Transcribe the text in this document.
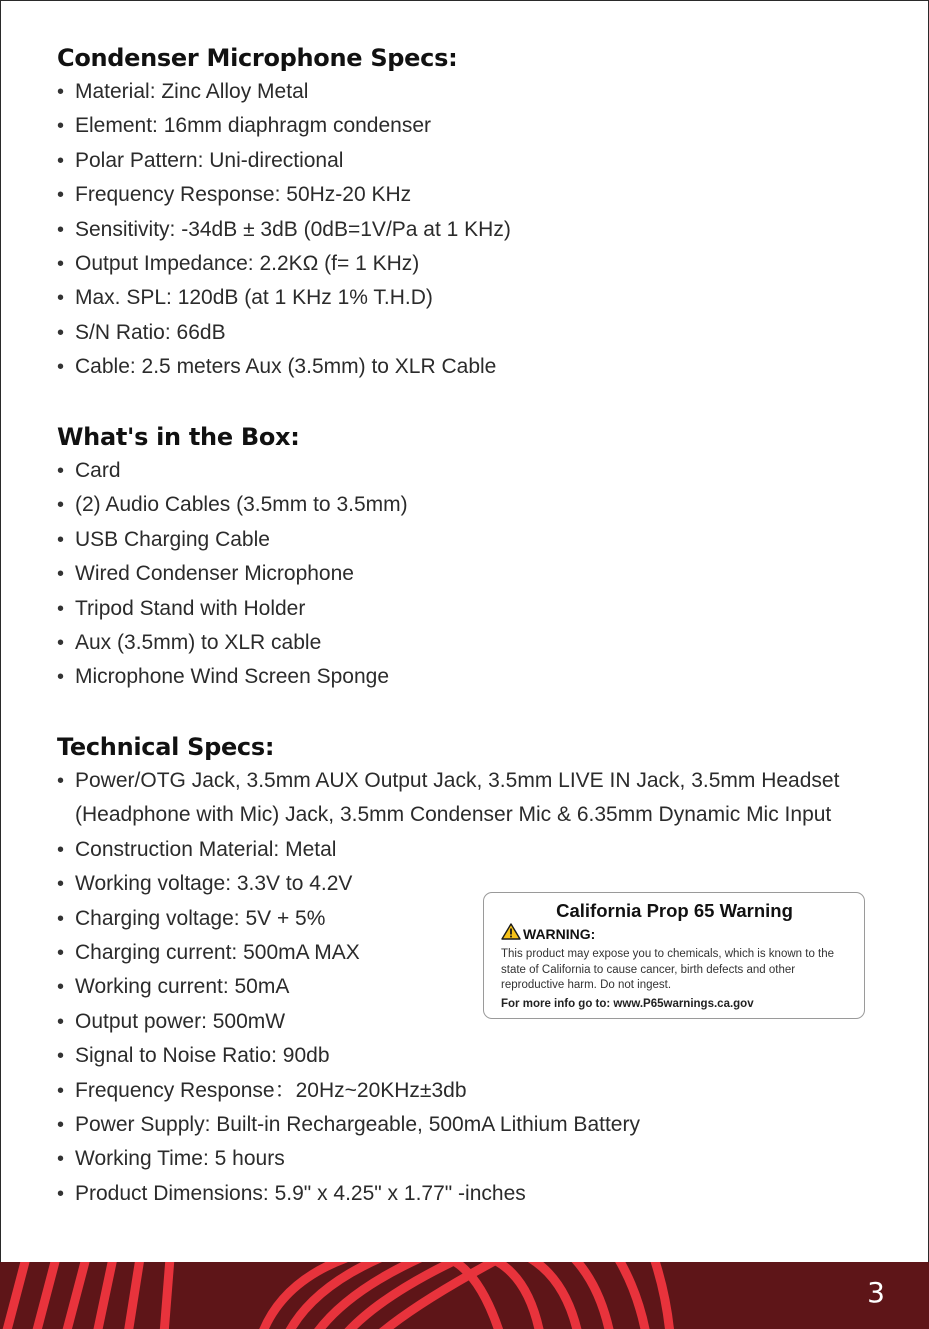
Condenser Microphone Specs:
• Material: Zinc Alloy Metal
• Element: 16mm diaphragm condenser
• Polar Pattern: Uni-directional
• Frequency Response: 50Hz-20 KHz
• Sensitivity: -34dB ± 3dB (0dB=1V/Pa at 1 KHz)
• Output Impedance: 2.2KΩ (f= 1 KHz)
• Max. SPL: 120dB (at 1 KHz 1% T.H.D)
• S/N Ratio: 66dB
• Cable: 2.5 meters Aux (3.5mm) to XLR Cable
What's in the Box:
• Card
• (2) Audio Cables (3.5mm to 3.5mm)
• USB Charging Cable
• Wired Condenser Microphone
• Tripod Stand with Holder
• Aux (3.5mm) to XLR cable
• Microphone Wind Screen Sponge
Technical Specs:
• Power/OTG Jack, 3.5mm AUX Output Jack, 3.5mm LIVE IN Jack, 3.5mm Headset (Headphone with Mic) Jack, 3.5mm Condenser Mic & 6.35mm Dynamic Mic Input
• Construction Material: Metal
• Working voltage: 3.3V to 4.2V
• Charging voltage: 5V + 5%
• Charging current: 500mA MAX
• Working current: 50mA
• Output power: 500mW
• Signal to Noise Ratio: 90db
• Frequency Response：20Hz~20KHz±3db
• Power Supply: Built-in Rechargeable, 500mA Lithium Battery
• Working Time: 5 hours
• Product Dimensions: 5.9" x 4.25" x 1.77" -inches

California Prop 65 Warning

WARNING:
This product may expose you to chemicals, which is known to the state of California to cause cancer, birth defects and other reproductive harm. Do not ingest.
For more info go to: www.P65warnings.ca.gov
3
